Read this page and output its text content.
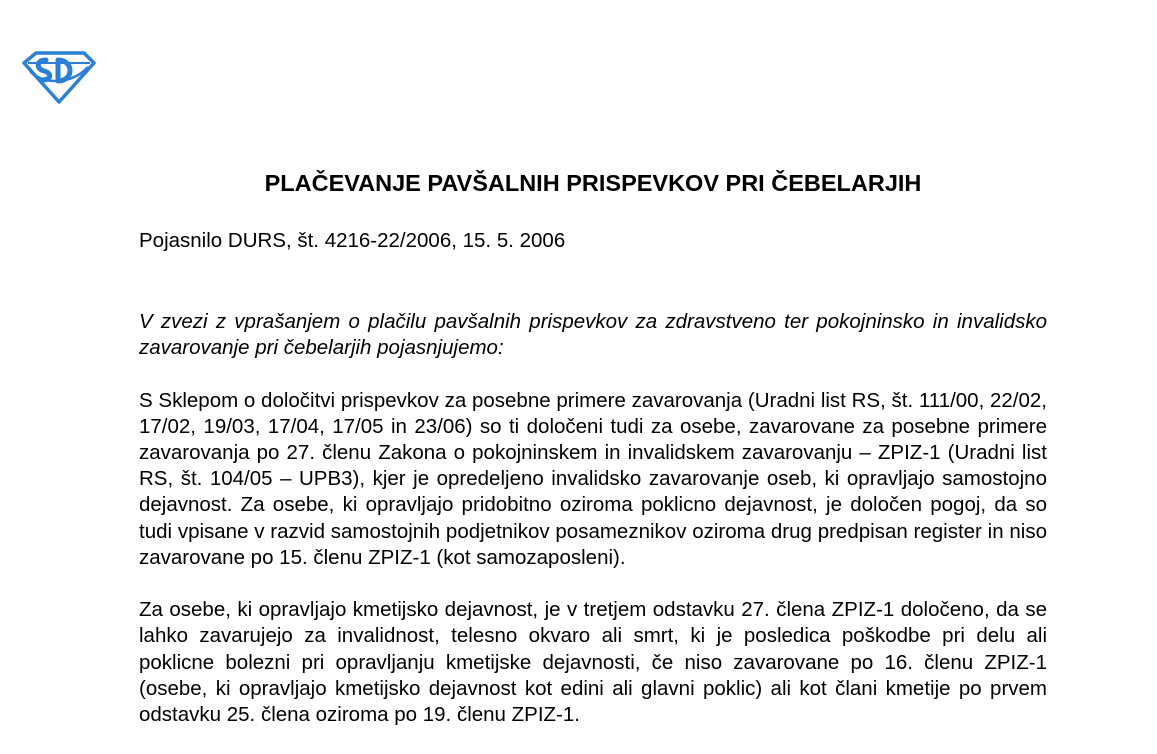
PLAČEVANJE PAVŠALNIH PRISPEVKOV PRI ČEBELARJIH

Pojasnilo DURS, št. 4216-22/2006, 15. 5. 2006

V zvezi z vprašanjem o plačilu pavšalnih prispevkov za zdravstveno ter pokojninsko in invalidsko zavarovanje pri čebelarjih pojasnjujemo:

S Sklepom o določitvi prispevkov za posebne primere zavarovanja (Uradni list RS, št. 111/00, 22/02, 17/02, 19/03, 17/04, 17/05 in 23/06) so ti določeni tudi za osebe, zavarovane za posebne primere zavarovanja po 27. členu Zakona o pokojninskem in invalidskem zavarovanju – ZPIZ-1 (Uradni list RS, št. 104/05 – UPB3), kjer je opredeljeno invalidsko zavarovanje oseb, ki opravljajo samostojno dejavnost. Za osebe, ki opravljajo pridobitno oziroma poklicno dejavnost, je določen pogoj, da so tudi vpisane v razvid samostojnih podjetnikov posameznikov oziroma drug predpisan register in niso zavarovane po 15. členu ZPIZ-1 (kot samozaposleni).

Za osebe, ki opravljajo kmetijsko dejavnost, je v tretjem odstavku 27. člena ZPIZ-1 določeno, da se lahko zavarujejo za invalidnost, telesno okvaro ali smrt, ki je posledica poškodbe pri delu ali poklicne bolezni pri opravljanju kmetijske dejavnosti, če niso zavarovane po 16. členu ZPIZ-1 (osebe, ki opravljajo kmetijsko dejavnost kot edini ali glavni poklic) ali kot člani kmetije po prvem odstavku 25. člena oziroma po 19. členu ZPIZ-1.
